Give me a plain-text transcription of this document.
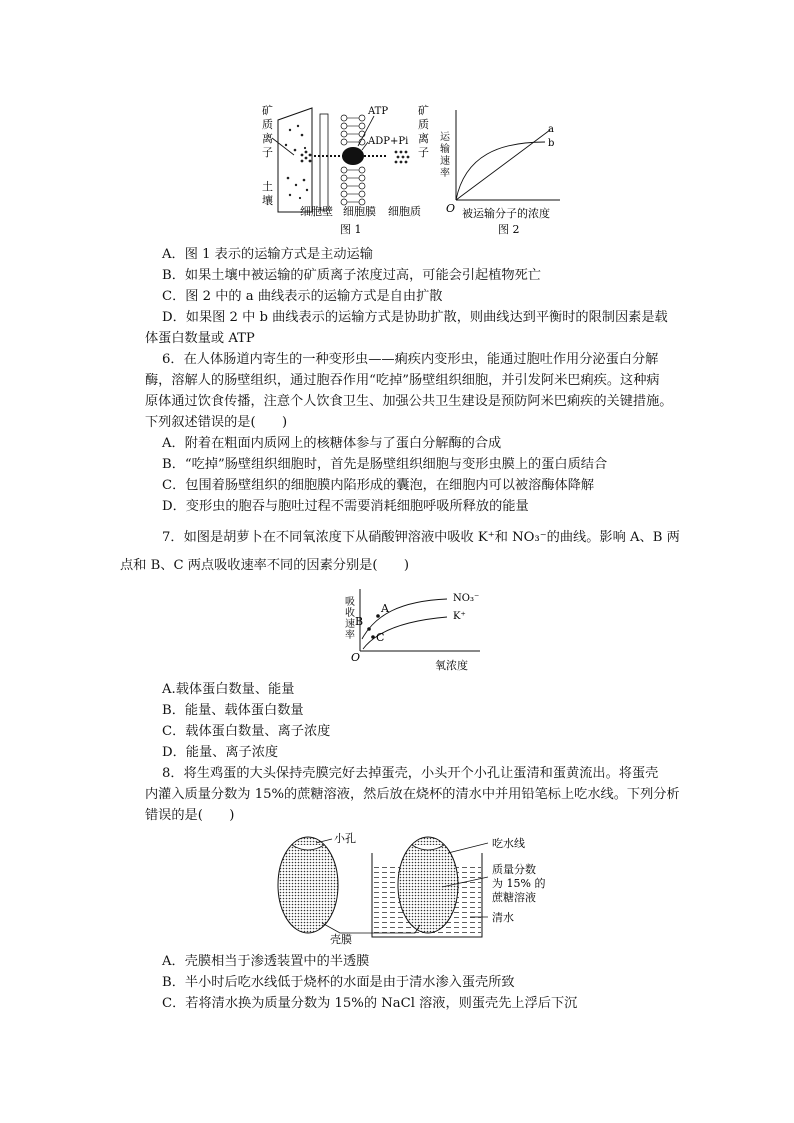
ATP
ADP+Pi
矿
质
离
子
土
壤
矿
质
离
子
细胞壁 细胞膜 细胞质
图 1
a
b
O 被运输分子的浓度
运
输
速
率
图 2
A．图 1 表示的运输方式是主动运输
B．如果土壤中被运输的矿质离子浓度过高，可能会引起植物死亡
C．图 2 中的 a 曲线表示的运输方式是自由扩散
D．如果图 2 中 b 曲线表示的运输方式是协助扩散，则曲线达到平衡时的限制因素是载
体蛋白数量或 ATP
6．在人体肠道内寄生的一种变形虫——痢疾内变形虫，能通过胞吐作用分泌蛋白分解
酶，溶解人的肠壁组织，通过胞吞作用“吃掉”肠壁组织细胞，并引发阿米巴痢疾。这种病
原体通过饮食传播，注意个人饮食卫生、加强公共卫生建设是预防阿米巴痢疾的关键措施。
下列叙述错误的是(　　)
A．附着在粗面内质网上的核糖体参与了蛋白分解酶的合成
B．“吃掉”肠壁组织细胞时，首先是肠壁组织细胞与变形虫膜上的蛋白质结合
C．包围着肠壁组织的细胞膜内陷形成的囊泡，在细胞内可以被溶酶体降解
D．变形虫的胞吞与胞吐过程不需要消耗细胞呼吸所释放的能量
7．如图是胡萝卜在不同氧浓度下从硝酸钾溶液中吸收 K⁺和 NO₃⁻的曲线。影响 A、B 两
点和 B、C 两点吸收速率不同的因素分别是(　　)
A
B
C
NO₃⁻
K⁺
O
氧浓度
吸
收
速
率
A.载体蛋白数量、能量
B．能量、载体蛋白数量
C．载体蛋白数量、离子浓度
D．能量、离子浓度
8．将生鸡蛋的大头保持壳膜完好去掉蛋壳，小头开个小孔让蛋清和蛋黄流出。将蛋壳
内灌入质量分数为 15%的蔗糖溶液，然后放在烧杯的清水中并用铅笔标上吃水线。下列分析
错误的是(　　)
小孔	吃水线
质量分数
为 15% 的
蔗糖溶液
清水
壳膜
A．壳膜相当于渗透装置中的半透膜
B．半小时后吃水线低于烧杯的水面是由于清水渗入蛋壳所致
C．若将清水换为质量分数为 15%的 NaCl 溶液，则蛋壳先上浮后下沉
